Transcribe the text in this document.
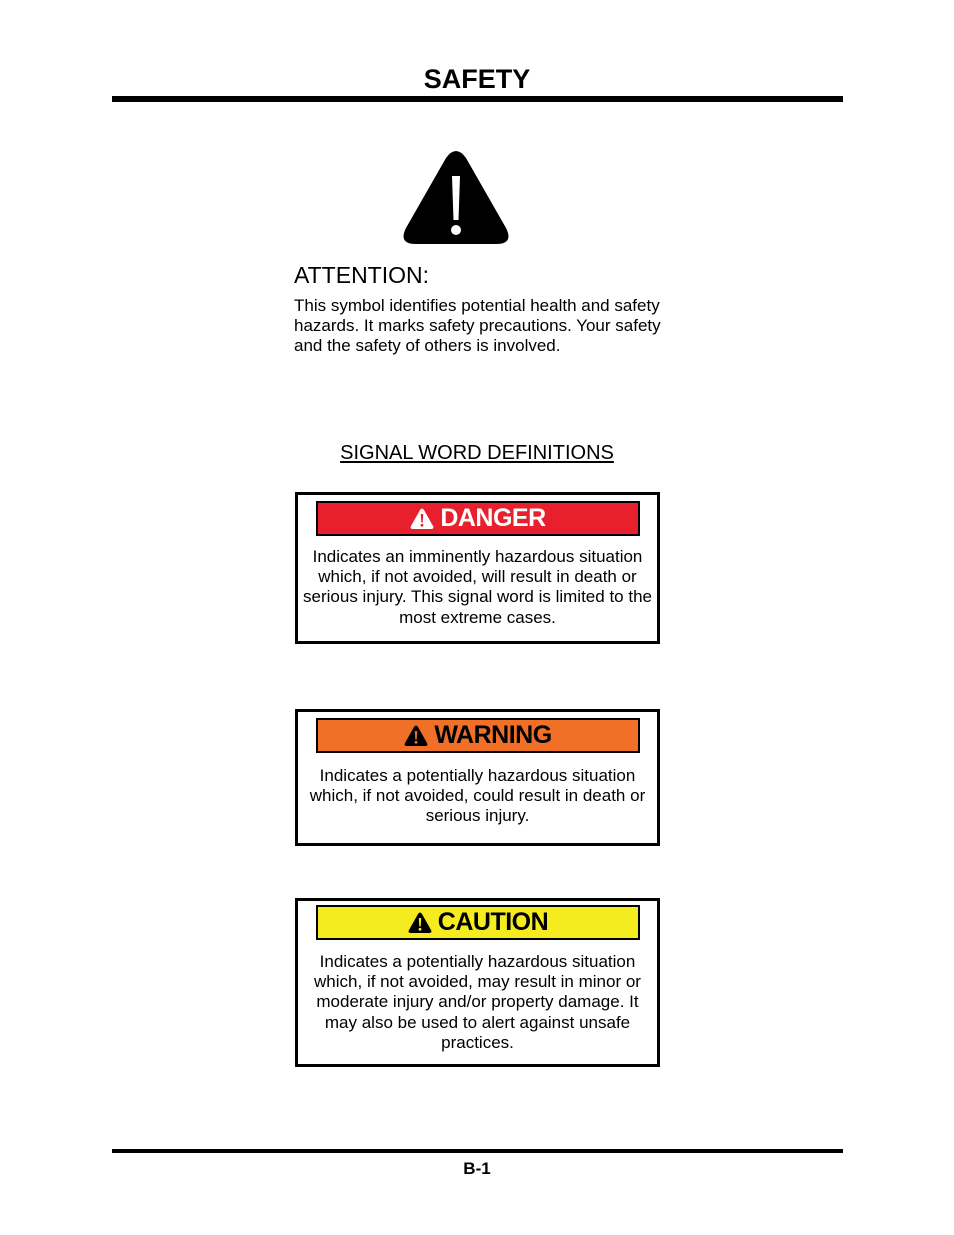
SAFETY
ATTENTION:
This symbol identifies potential health and safety hazards. It marks safety precautions. Your safety and the safety of others is involved.
SIGNAL WORD DEFINITIONS
DANGER
Indicates an imminently hazardous situation which, if not avoided, will result in death or serious injury. This signal word is limited to the most extreme cases.
WARNING
Indicates a potentially hazardous situation which, if not avoided, could result in death or serious injury.
CAUTION
Indicates a potentially hazardous situation which, if not avoided, may result in minor or moderate injury and/or property damage. It may also be used to alert against unsafe practices.
B-1
